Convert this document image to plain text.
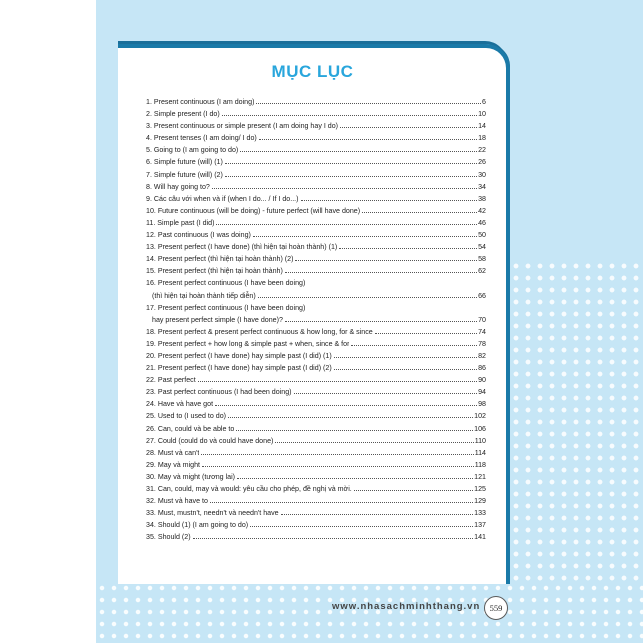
MỤC LỤC
1. Present continuous (I am doing)	6
2. Simple present (I do)	10
3. Present continuous or simple present (I am doing hay I do)	14
4. Present tenses (I am doing/ I do)	18
5. Going to (I am going to do)	22
6. Simple future (will) (1)	26
7. Simple future (will) (2)	30
8. Will hay going to?	34
9. Các câu với when và if (when I do... / If I do...)	38
10. Future continuous (will be doing) - future perfect (will have done)	42
11. Simple past (I did)	46
12. Past continuous (I was doing)	50
13. Present perfect (I have done) (thì hiện tại hoàn thành) (1)	54
14. Present perfect (thì hiện tại hoàn thành) (2)	58
15. Present perfect (thì hiện tại hoàn thành)	62
16. Present perfect continuous (I have been doing)
(thì hiện tại hoàn thành tiếp diễn)	66
17. Present perfect continuous (I have been doing)
hay present perfect simple (I have done)?	70
18. Present perfect & present perfect continuous & how long, for & since	74
19. Present perfect + how long & simple past + when, since & for	78
20. Present perfect (I have done) hay simple past (I did) (1)	82
21. Present perfect (I have done) hay simple past (I did) (2)	86
22. Past perfect	90
23. Past perfect continuous (I had been doing)	94
24. Have và have got	98
25. Used to (I used to do)	102
26. Can, could và be able to	106
27. Could (could do và could have done)	110
28. Must và can't	114
29. May và might	118
30. May và might (tương lai)	121
31. Can, could, may và would: yêu cầu cho phép, đề nghị và mời.	125
32. Must và have to	129
33. Must, mustn't, needn't và needn't have	133
34. Should (1) (I am going to do)	137
35. Should (2)	141
www.nhasachminhthang.vn	559
